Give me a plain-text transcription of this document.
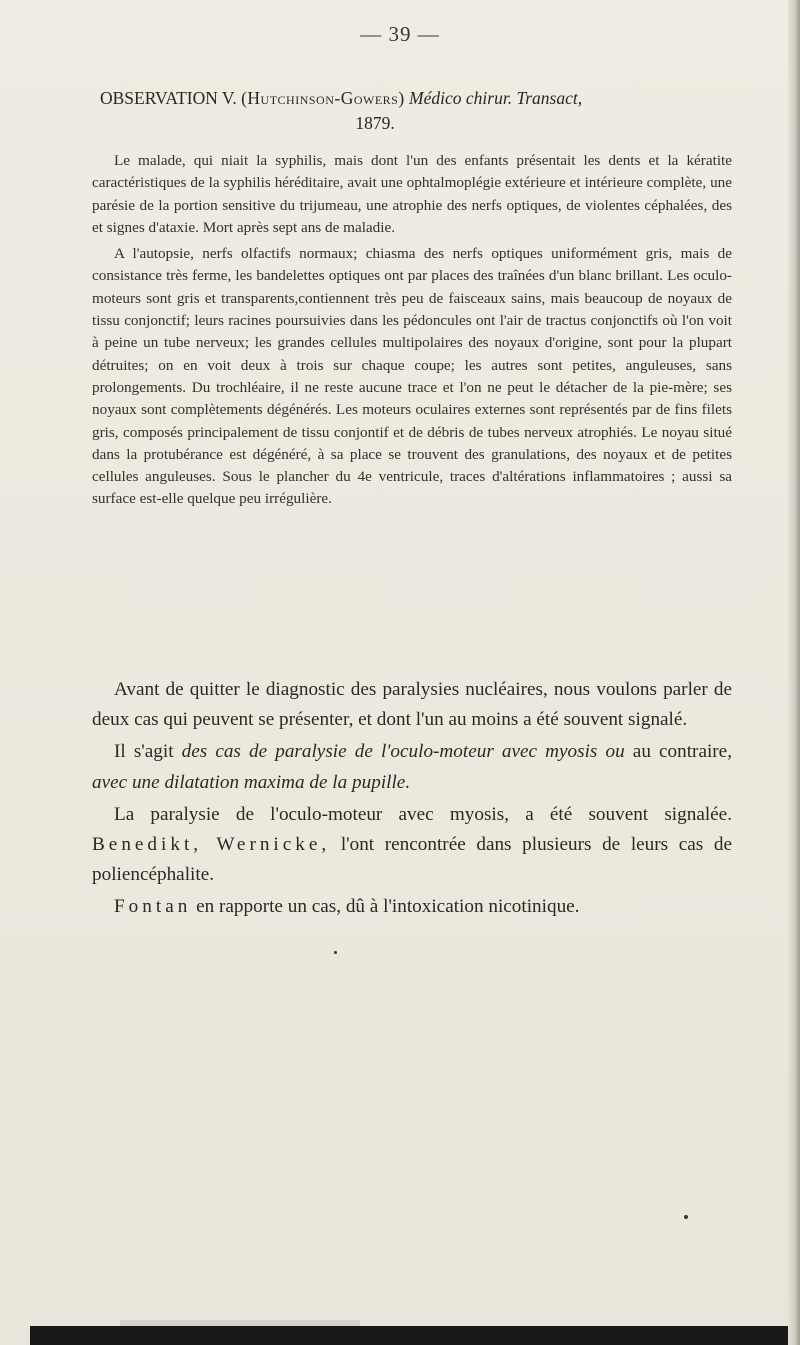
— 39 —
OBSERVATION V. (Hutchinson-Gowers) Médico chirur. Transact,
1879.

Le malade, qui niait la syphilis, mais dont l'un des enfants présentait les dents et la kératite caractéristiques de la syphilis héréditaire, avait une ophtalmoplégie extérieure et intérieure complète, une parésie de la portion sensitive du trijumeau, une atrophie des nerfs optiques, de violentes céphalées, des et signes d'ataxie. Mort après sept ans de maladie.

A l'autopsie, nerfs olfactifs normaux; chiasma des nerfs optiques uniformément gris, mais de consistance très ferme, les bandelettes optiques ont par places des traînées d'un blanc brillant. Les oculo-moteurs sont gris et transparents,contiennent très peu de faisceaux sains, mais beaucoup de noyaux de tissu conjonctif; leurs racines poursuivies dans les pédoncules ont l'air de tractus conjonctifs où l'on voit à peine un tube nerveux; les grandes cellules multipolaires des noyaux d'origine, sont pour la plupart détruites; on en voit deux à trois sur chaque coupe; les autres sont petites, anguleuses, sans prolongements. Du trochléaire, il ne reste aucune trace et l'on ne peut le détacher de la pie-mère; ses noyaux sont complètements dégénérés. Les moteurs oculaires externes sont représentés par de fins filets gris, composés principalement de tissu conjontif et de débris de tubes nerveux atrophiés. Le noyau situé dans la protubérance est dégénéré, à sa place se trouvent des granulations, des noyaux et de petites cellules anguleuses. Sous le plancher du 4e ventricule, traces d'altérations inflammatoires ; aussi sa surface est-elle quelque peu irrégulière.

Avant de quitter le diagnostic des paralysies nucléaires, nous voulons parler de deux cas qui peuvent se présenter, et dont l'un au moins a été souvent signalé.

Il s'agit des cas de paralysie de l'oculo-moteur avec myosis ou au contraire, avec une dilatation maxima de la pupille.

La paralysie de l'oculo-moteur avec myosis, a été souvent signalée. Benedikt, Wernicke, l'ont rencontrée dans plusieurs de leurs cas de poliencéphalite.

Fontan en rapporte un cas, dû à l'intoxication nicotinique.
